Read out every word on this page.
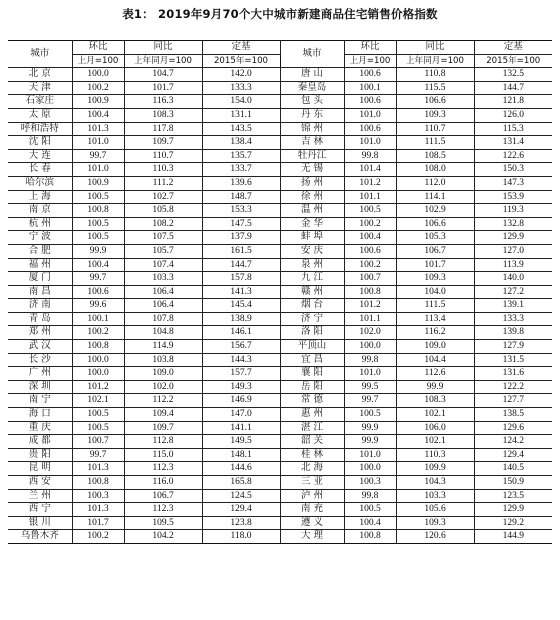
表1： 2019年9月70个大中城市新建商品住宅销售价格指数
城市	环比	同比	定基	城市	环比	同比	定基
	上月=100	上年同月=100	2015年=100		上月=100	上年同月=100	2015年=100
北 京	100.0	104.7	142.0	唐 山	100.6	110.8	132.5
天 津	100.2	101.7	133.3	秦皇岛	100.1	115.5	144.7
石家庄	100.9	116.3	154.0	包 头	100.6	106.6	121.8
太 原	100.4	108.3	131.1	丹 东	101.0	109.3	126.0
呼和浩特	101.3	117.8	143.5	锦 州	100.6	110.7	115.3
沈 阳	101.0	109.7	138.4	吉 林	101.0	111.5	131.4
大 连	99.7	110.7	135.7	牡丹江	99.8	108.5	122.6
长 春	101.0	110.3	133.7	无 锡	101.4	108.0	150.3
哈尔滨	100.9	111.2	139.6	扬 州	101.2	112.0	147.3
上 海	100.5	102.7	148.7	徐 州	101.1	114.1	153.9
南 京	100.8	105.8	153.3	温 州	100.5	102.9	119.3
杭 州	100.5	108.2	147.5	金 华	100.2	106.6	132.8
宁 波	100.5	107.5	137.9	蚌 埠	100.4	105.3	129.9
合 肥	99.9	105.7	161.5	安 庆	100.6	106.7	127.0
福 州	100.4	107.4	144.7	泉 州	100.2	101.7	113.9
厦 门	99.7	103.3	157.8	九 江	100.7	109.3	140.0
南 昌	100.6	106.4	141.3	赣 州	100.8	104.0	127.2
济 南	99.6	106.4	145.4	烟 台	101.2	111.5	139.1
青 岛	100.1	107.8	138.9	济 宁	101.1	113.4	133.3
郑 州	100.2	104.8	146.1	洛 阳	102.0	116.2	139.8
武 汉	100.8	114.9	156.7	平顶山	100.0	109.0	127.9
长 沙	100.0	103.8	144.3	宜 昌	99.8	104.4	131.5
广 州	100.0	109.0	157.7	襄 阳	101.0	112.6	131.6
深 圳	101.2	102.0	149.3	岳 阳	99.5	99.9	122.2
南 宁	102.1	112.2	146.9	常 德	99.7	108.3	127.7
海 口	100.5	109.4	147.0	惠 州	100.5	102.1	138.5
重 庆	100.5	109.7	141.1	湛 江	99.9	106.0	129.6
成 都	100.7	112.8	149.5	韶 关	99.9	102.1	124.2
贵 阳	99.7	115.0	148.1	桂 林	101.0	110.3	129.4
昆 明	101.3	112.3	144.6	北 海	100.0	109.9	140.5
西 安	100.8	116.0	165.8	三 亚	100.3	104.3	150.9
兰 州	100.3	106.7	124.5	泸 州	99.8	103.3	123.5
西 宁	101.3	112.3	129.4	南 充	100.5	105.6	129.9
银 川	101.7	109.5	123.8	遵 义	100.4	109.3	129.2
乌鲁木齐	100.2	104.2	118.0	大 理	100.8	120.6	144.9
